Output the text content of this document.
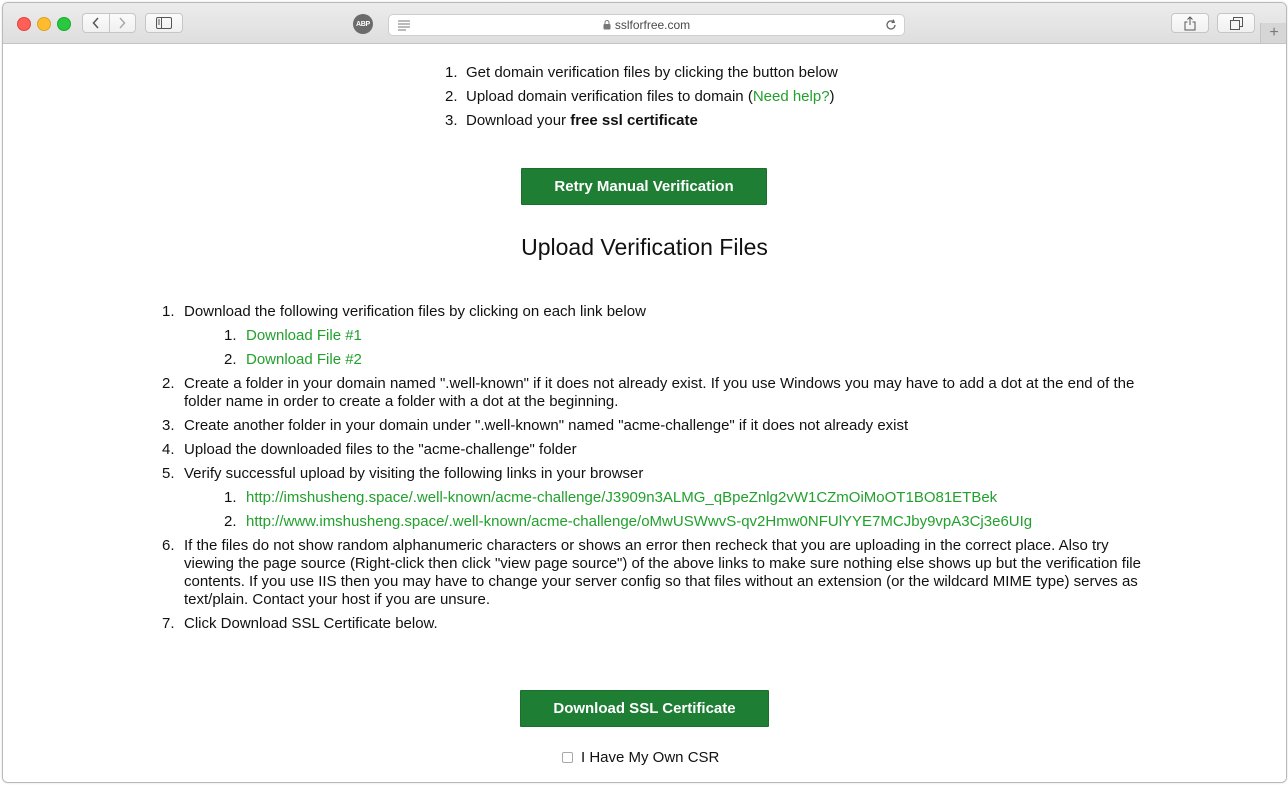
ABP	sslforfree.com	+
1. Get domain verification files by clicking the button below
2. Upload domain verification files to domain (Need help?)
3. Download your free ssl certificate
Retry Manual Verification
Upload Verification Files
1. Download the following verification files by clicking on each link below
1. Download File #1
2. Download File #2
2. Create a folder in your domain named ".well-known" if it does not already exist. If you use Windows you may have to add a dot at the end of the folder name in order to create a folder with a dot at the beginning.
3. Create another folder in your domain under ".well-known" named "acme-challenge" if it does not already exist
4. Upload the downloaded files to the "acme-challenge" folder
5. Verify successful upload by visiting the following links in your browser
1. http://imshusheng.space/.well-known/acme-challenge/J3909n3ALMG_qBpeZnlg2vW1CZmOiMoOT1BO81ETBek
2. http://www.imshusheng.space/.well-known/acme-challenge/oMwUSWwvS-qv2Hmw0NFUlYYE7MCJby9vpA3Cj3e6UIg
6. If the files do not show random alphanumeric characters or shows an error then recheck that you are uploading in the correct place. Also try viewing the page source (Right-click then click "view page source") of the above links to make sure nothing else shows up but the verification file contents. If you use IIS then you may have to change your server config so that files without an extension (or the wildcard MIME type) serves as text/plain. Contact your host if you are unsure.
7. Click Download SSL Certificate below.
Download SSL Certificate
I Have My Own CSR
